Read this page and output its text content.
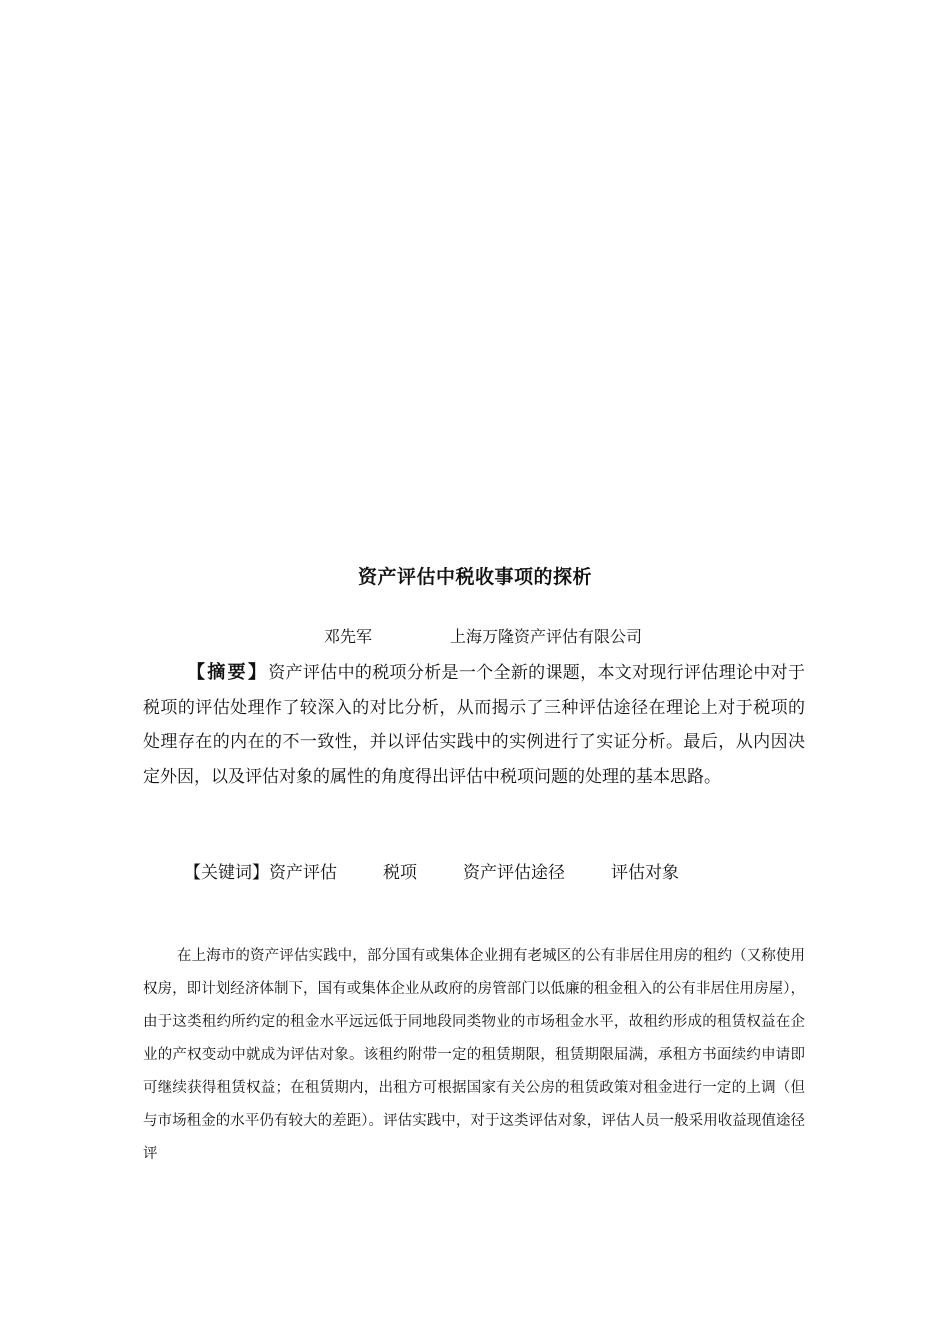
资产评估中税收事项的探析
邓先军	上海万隆资产评估有限公司

【摘要】资产评估中的税项分析是一个全新的课题，本文对现行评估理论中对于税项的评估处理作了较深入的对比分析，从而揭示了三种评估途径在理论上对于税项的处理存在的内在的不一致性，并以评估实践中的实例进行了实证分析。最后，从内因决定外因，以及评估对象的属性的角度得出评估中税项问题的处理的基本思路。

【关键词】资产评估	税项	资产评估途径	评估对象

在上海市的资产评估实践中，部分国有或集体企业拥有老城区的公有非居住用房的租约（又称使用权房，即计划经济体制下，国有或集体企业从政府的房管部门以低廉的租金租入的公有非居住用房屋），由于这类租约所约定的租金水平远远低于同地段同类物业的市场租金水平，故租约形成的租赁权益在企业的产权变动中就成为评估对象。该租约附带一定的租赁期限，租赁期限届满，承租方书面续约申请即可继续获得租赁权益；在租赁期内，出租方可根据国家有关公房的租赁政策对租金进行一定的上调（但与市场租金的水平仍有较大的差距）。评估实践中，对于这类评估对象，评估人员一般采用收益现值途径评
